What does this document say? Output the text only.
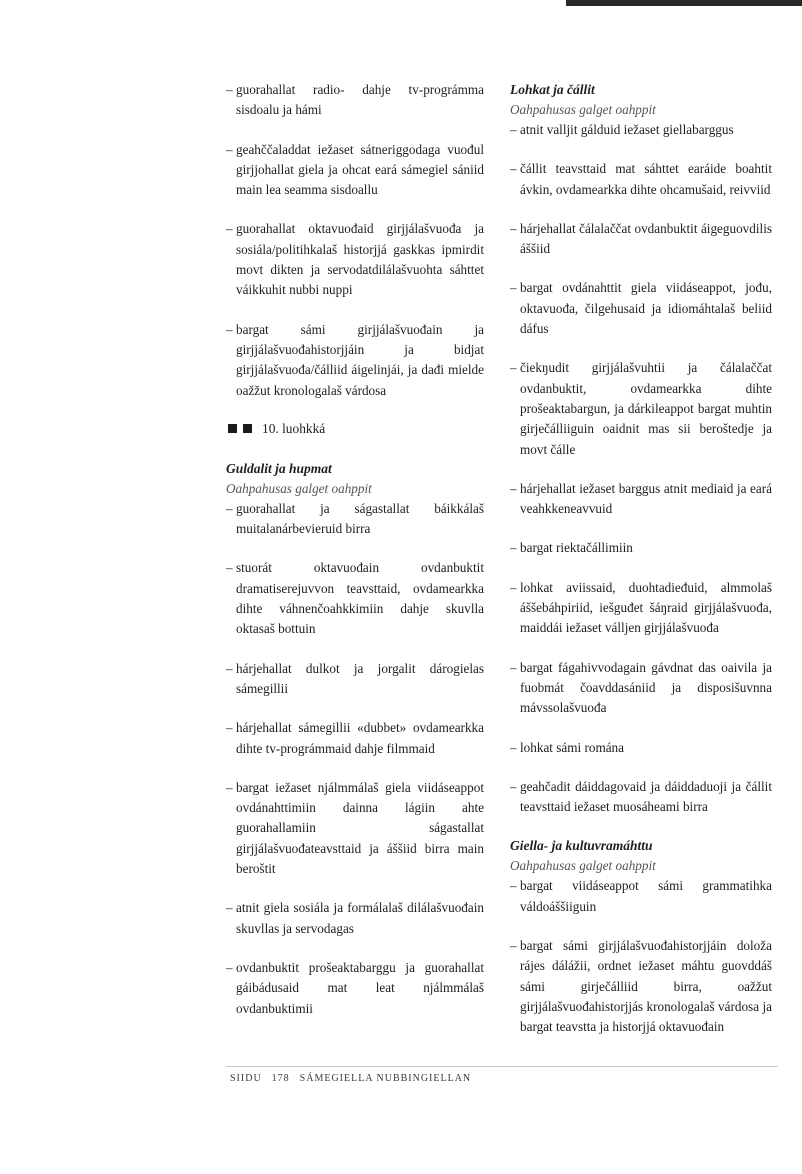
– guorahallat radio- dahje tv-prográmma sisdoalu ja hámi

– geahččaladdat iežaset sátneriggodaga vuođul girjjohallat giela ja ohcat eará sámegiel sániid main lea seamma sisdoallu

– guorahallat oktavuođaid girjjálašvuođa ja sosiála/politihkalaš historjjá gaskkas ipmirdit movt dikten ja servodatdilálašvuohta sáhttet váikkuhit nubbi nuppi

– bargat sámi girjjálašvuođain ja girjjálašvuođahistorjjáin ja bidjat girjjálašvuođa/čálliid áigelinjái, ja dađi mielde oažžut kronologalaš várdosa

10. luohkká

Guldalit ja hupmat

Oahpahusas galget oahppit

– guorahallat ja ságastallat báikkálaš muitalanárbevieruid birra

– stuorát oktavuođain ovdanbuktit dramatiserejuvvon teavsttaid, ovdamearkka dihte váhnenčoahkkimiin dahje skuvlla oktasaš bottuin

– hárjehallat dulkot ja jorgalit dárogielas sámegillii

– hárjehallat sámegillii «dubbet» ovdamearkka dihte tv-prográmmaid dahje filmmaid

– bargat iežaset njálmmálaš giela viidáseappot ovdánahttimiin dainna lágiin ahte guorahallamiin ságastallat girjjálašvuođateavsttaid ja áššiid birra main beroštit

– atnit giela sosiála ja formálalaš dilálašvuođain skuvllas ja servodagas

– ovdanbuktit prošeaktabarggu ja guorahallat gáibádusaid mat leat njálmmálaš ovdanbuktimii

Lohkat ja čállit

Oahpahusas galget oahppit

– atnit valljit gálduid iežaset giellabarggus

– čállit teavsttaid mat sáhttet earáide boahtit ávkin, ovdamearkka dihte ohcamušaid, reivviid

– hárjehallat čálalaččat ovdanbuktit áigeguovdilis áššiid

– bargat ovdánahttit giela viidáseappot, jođu, oktavuođa, čilgehusaid ja idiomáhtalaš beliid dáfus

– čiekŋudit girjjálašvuhtii ja čálalaččat ovdanbuktit, ovdamearkka dihte prošeaktabargun, ja dárkileappot bargat muhtin girječálliiguin oaidnit mas sii beroštedje ja movt čálle

– hárjehallat iežaset barggus atnit mediaid ja eará veahkkeneavvuid

– bargat riektačállimiin

– lohkat aviissaid, duohtadieđuid, almmolaš áššebáhpiriid, iešguđet šáŋraid girjjálašvuođa, maiddái iežaset válljen girjjálašvuođa

– bargat fágahivvodagain gávdnat das oaivila ja fuobmát čoavddasániid ja disposišuvnna mávssolašvuođa

– lohkat sámi románа

– geahčadit dáiddagovaid ja dáiddaduoji ja čállit teavsttaid iežaset muosáheami birra

Giella- ja kultuvramáhttu

Oahpahusas galget oahppit

– bargat viidáseappot sámi grammatihka váldoáššiiguin

– bargat sámi girjjálašvuođahistorjjáin doloža rájes dálážii, ordnet iežaset máhtu guovddáš sámi girječálliid birra, oažžut girjjálašvuođahistorjjás kronologalaš várdosa ja bargat teavstta ja historjjá oktavuođain

SIIDU 178 SÁMEGIELLA NUBBINGIELLAN
